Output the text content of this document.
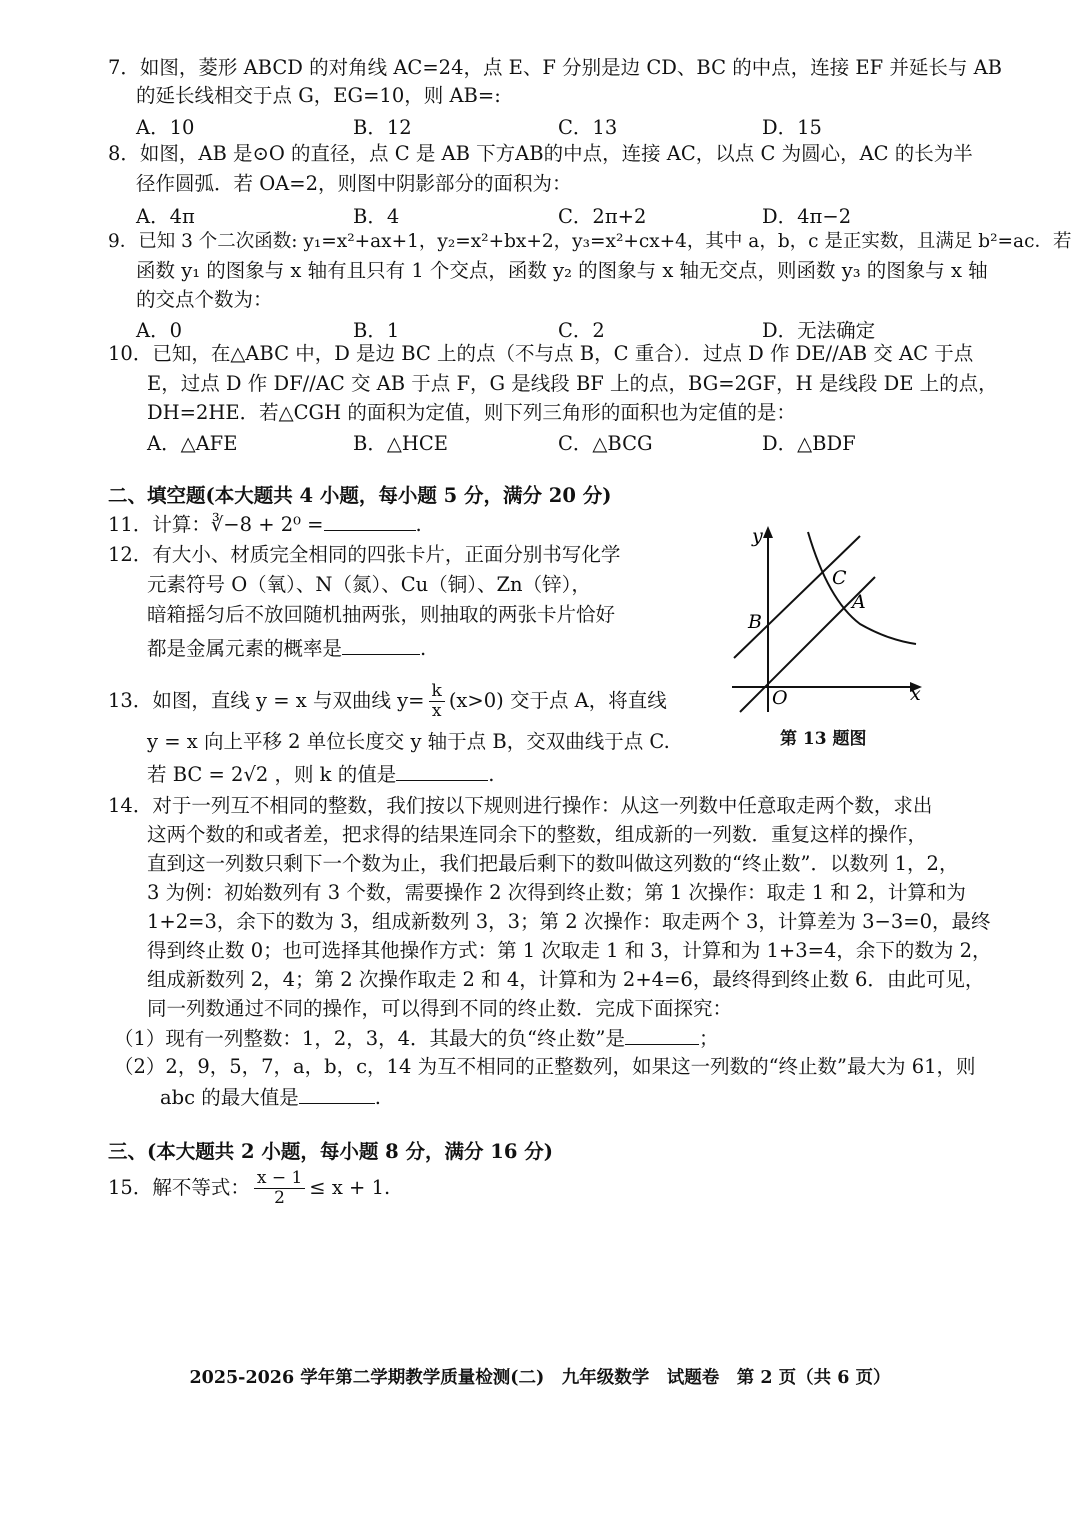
7．如图，菱形 ABCD 的对角线 AC=24，点 E、F 分别是边 CD、BC 的中点，连接 EF 并延长与 AB
的延长线相交于点 G，EG=10，则 AB=:
A．10	B．12	C．13	D．15
8．如图，AB 是⊙O 的直径，点 C 是 AB 下方AB的中点，连接 AC，以点 C 为圆心，AC 的长为半
径作圆弧．若 OA=2，则图中阴影部分的面积为：
A．4π	B．4	C．2π+2	D．4π−2
9．已知 3 个二次函数: y₁=x²+ax+1，y₂=x²+bx+2，y₃=x²+cx+4，其中 a，b，c 是正实数，且满足 b²=ac．若
函数 y₁ 的图象与 x 轴有且只有 1 个交点，函数 y₂ 的图象与 x 轴无交点，则函数 y₃ 的图象与 x 轴
的交点个数为：
A．0	B．1	C．2	D．无法确定
10．已知，在△ABC 中，D 是边 BC 上的点（不与点 B，C 重合）．过点 D 作 DE//AB 交 AC 于点
E，过点 D 作 DF//AC 交 AB 于点 F，G 是线段 BF 上的点，BG=2GF，H 是线段 DE 上的点，
DH=2HE．若△CGH 的面积为定值，则下列三角形的面积也为定值的是：
A．△AFE	B．△HCE	C．△BCG	D．△BDF
二、填空题(本大题共 4 小题，每小题 5 分，满分 20 分)
11．计算：∛−8 + 2⁰ =	.
12．有大小、材质完全相同的四张卡片，正面分别书写化学
元素符号 O（氧）、N（氮）、Cu（铜）、Zn（锌），
暗箱摇匀后不放回随机抽两张，则抽取的两张卡片恰好
都是金属元素的概率是	.
13．如图，直线 y = x 与双曲线 $y= \frac{k}{x} (x>0)$ 交于点 A，将直线
y = x 向上平移 2 单位长度交 y 轴于点 B，交双曲线于点 C.
若 BC = 2√2 ，则 k 的值是	.
y
x
O
B
C
A
第 13 题图
14．对于一列互不相同的整数，我们按以下规则进行操作：从这一列数中任意取走两个数，求出
这两个数的和或者差，把求得的结果连同余下的整数，组成新的一列数．重复这样的操作，
直到这一列数只剩下一个数为止，我们把最后剩下的数叫做这列数的“终止数”．以数列 1，2，
3 为例：初始数列有 3 个数，需要操作 2 次得到终止数；第 1 次操作：取走 1 和 2，计算和为
1+2=3，余下的数为 3，组成新数列 3，3；第 2 次操作：取走两个 3，计算差为 3−3=0，最终
得到终止数 0；也可选择其他操作方式：第 1 次取走 1 和 3，计算和为 1+3=4，余下的数为 2，
组成新数列 2，4；第 2 次操作取走 2 和 4，计算和为 2+4=6，最终得到终止数 6．由此可见，
同一列数通过不同的操作，可以得到不同的终止数．完成下面探究：
（1）现有一列整数：1，2，3，4．其最大的负“终止数”是	；
（2）2，9，5，7，a，b，c，14 为互不相同的正整数列，如果这一列数的“终止数”最大为 61，则
abc 的最大值是	.
三、(本大题共 2 小题，每小题 8 分，满分 16 分)
15．解不等式： $\frac{x - 1}{2} \le x + 1$.
2025-2026 学年第二学期教学质量检测(二)　九年级数学　试题卷　第 2 页（共 6 页）
